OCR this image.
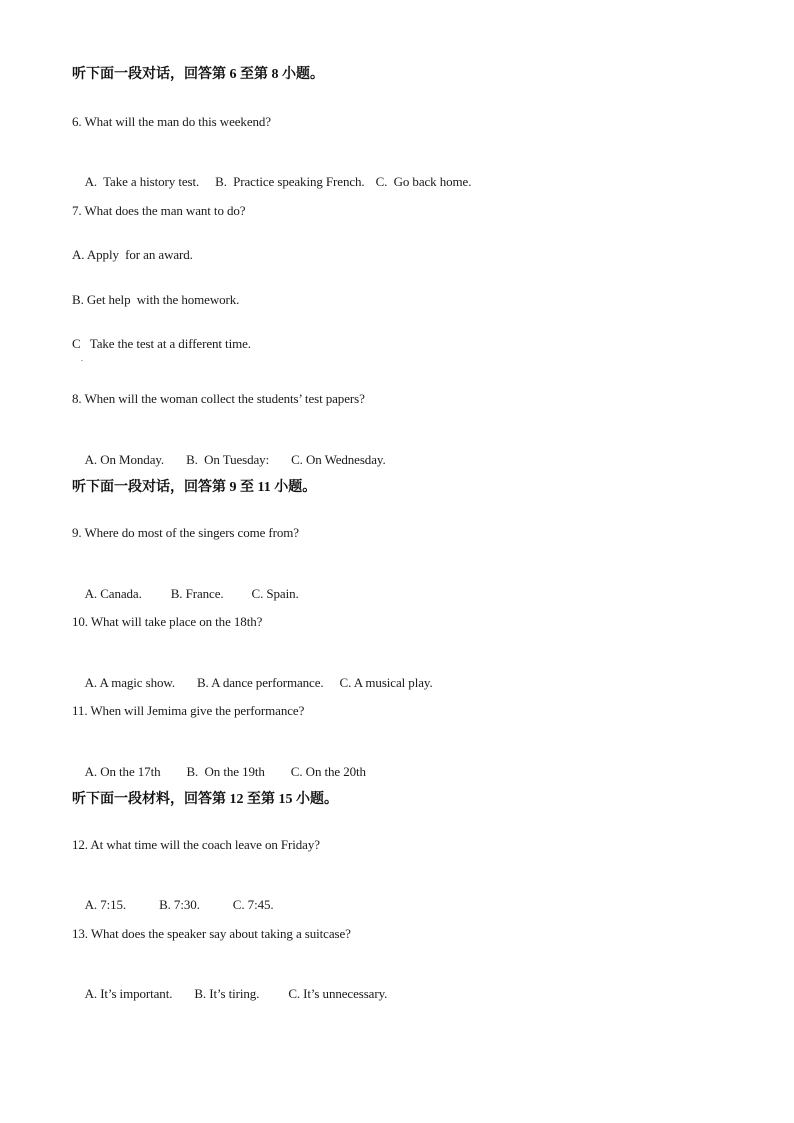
听下面一段对话，回答第 6 至第 8 小题。
6. What will the man do this weekend?

A.  Take a history test. B.  Practice speaking French. C.  Go back home.

7. What does the man want to do?
A. Apply  for an award.
B. Get help  with the homework.
C   Take the test at a different time.
.
8. When will the woman collect the students’ test papers?

A. On Monday. B.  On Tuesday: C. On Wednesday.

听下面一段对话，回答第 9 至 11 小题。
9. Where do most of the singers come from?

A. Canada. B. France. C. Spain.

10. What will take place on the 18th?

A. A magic show. B. A dance performance. C. A musical play.

11. When will Jemima give the performance?

A. On the 17th B.  On the 19th C. On the 20th

听下面一段材料，回答第 12 至第 15 小题。
12. At what time will the coach leave on Friday?

A. 7:15.	B. 7:30.	C. 7:45.

13. What does the speaker say about taking a suitcase?

A. It’s important. B. It’s tiring. C. It’s unnecessary.
